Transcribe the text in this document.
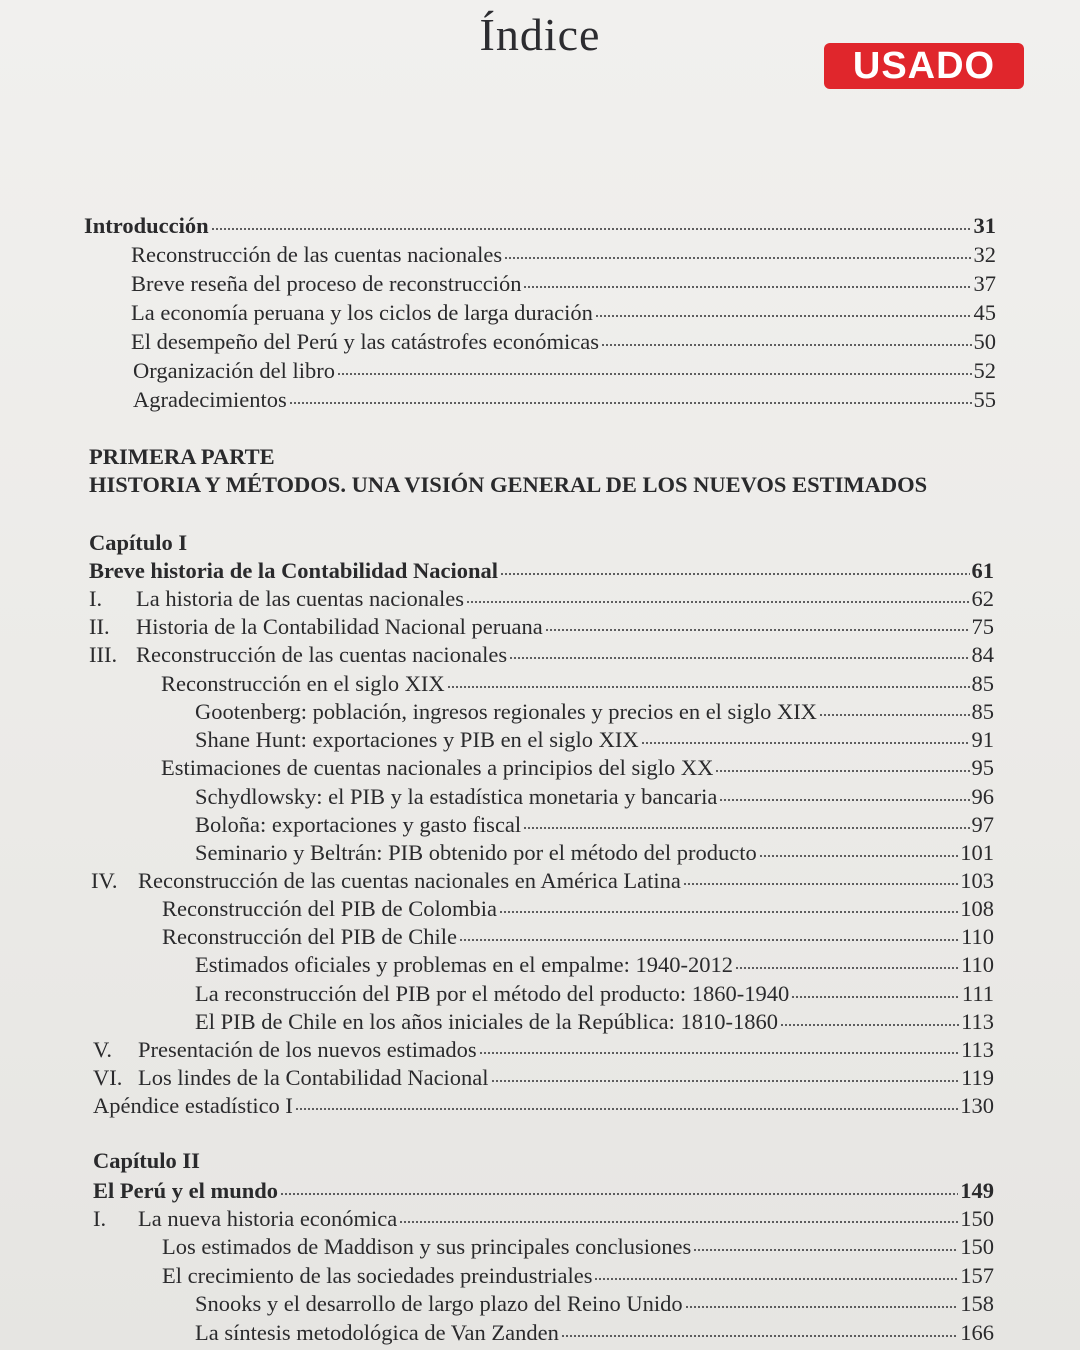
Índice
USADO
PRIMERA PARTE
HISTORIA Y MÉTODOS. UNA VISIÓN GENERAL DE LOS NUEVOS ESTIMADOS
Capítulo I
Capítulo II
Introducción	31
Reconstrucción de las cuentas nacionales	32
Breve reseña del proceso de reconstrucción	37
La economía peruana y los ciclos de larga duración	45
El desempeño del Perú y las catástrofes económicas	50
Organización del libro	52
Agradecimientos	55
Breve historia de la Contabilidad Nacional	61
I.	La historia de las cuentas nacionales	62
II.	Historia de la Contabilidad Nacional peruana	75
III. Reconstrucción de las cuentas nacionales	84
Reconstrucción en el siglo XIX	85
Gootenberg: población, ingresos regionales y precios en el siglo XIX	85
Shane Hunt: exportaciones y PIB en el siglo XIX	91
Estimaciones de cuentas nacionales a principios del siglo XX	95
Schydlowsky: el PIB y la estadística monetaria y bancaria	96
Boloña: exportaciones y gasto fiscal	97
Seminario y Beltrán: PIB obtenido por el método del producto	101
IV. Reconstrucción de las cuentas nacionales en América Latina	103
Reconstrucción del PIB de Colombia	108
Reconstrucción del PIB de Chile	110
Estimados oficiales y problemas en el empalme: 1940-2012	110
La reconstrucción del PIB por el método del producto: 1860-1940	111
El PIB de Chile en los años iniciales de la República: 1810-1860	113
V.	Presentación de los nuevos estimados	113
VI. Los lindes de la Contabilidad Nacional	119
Apéndice estadístico I	130
El Perú y el mundo	149
I.	La nueva historia económica	150
Los estimados de Maddison y sus principales conclusiones	150
El crecimiento de las sociedades preindustriales	157
Snooks y el desarrollo de largo plazo del Reino Unido	158
La síntesis metodológica de Van Zanden	166
